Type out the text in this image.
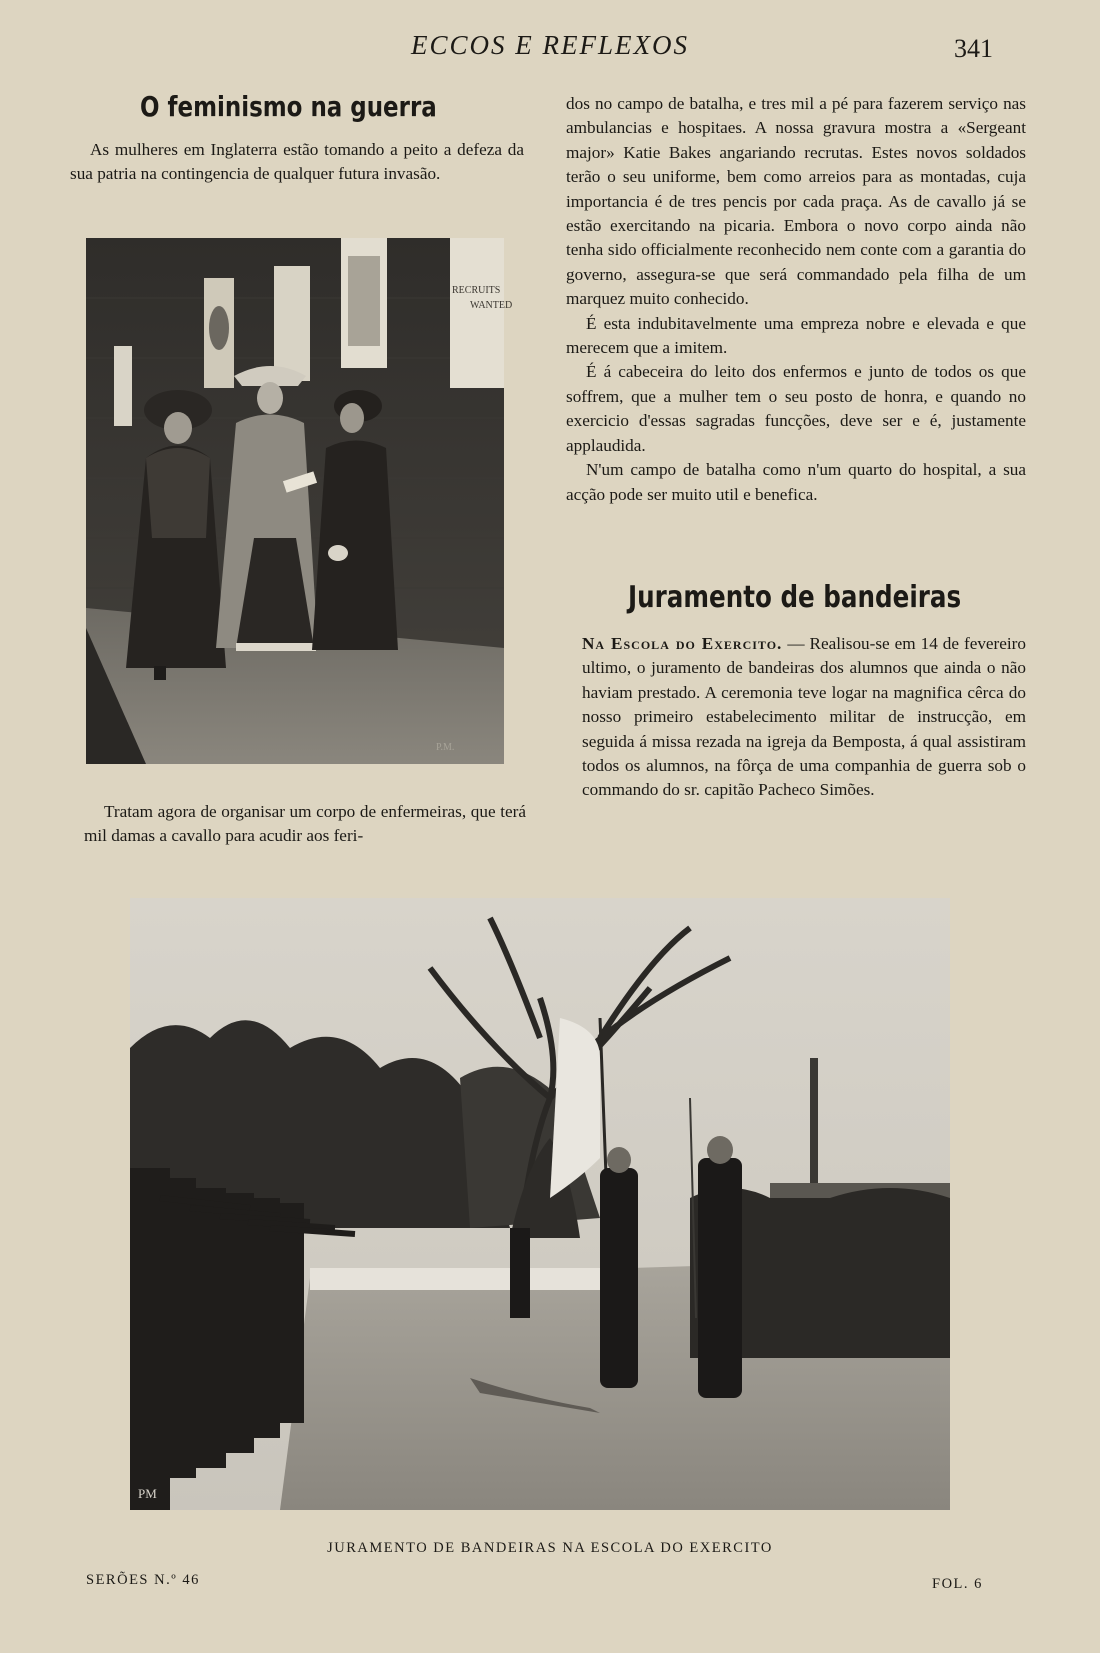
ECCOS E REFLEXOS	341
O feminismo na guerra

As mulheres em Inglaterra estão tomando a peito a defeza da sua patria na contingencia de qualquer futura invasão.

RECRUITS
WANTED
P.M.

Tratam agora de organisar um corpo de enfermeiras, que terá mil damas a cavallo para acudir aos feri-

dos no campo de batalha, e tres mil a pé para fazerem serviço nas ambulancias e hospitaes. A nossa gravura mostra a «Sergeant major» Katie Bakes angariando recrutas. Estes novos soldados terão o seu uniforme, bem como arreios para as montadas, cuja importancia é de tres pencis por cada praça. As de cavallo já se estão exercitando na picaria. Embora o novo corpo ainda não tenha sido officialmente reconhecido nem conte com a garantia do governo, assegura-se que será commandado pela filha de um marquez muito conhecido.

É esta indubitavelmente uma empreza nobre e elevada e que merecem que a imitem.

É á cabeceira do leito dos enfermos e junto de todos os que soffrem, que a mulher tem o seu posto de honra, e quando no exercicio d'essas sagradas funcções, deve ser e é, justamente applaudida.

N'um campo de batalha como n'um quarto do hospital, a sua acção pode ser muito util e benefica.

Juramento de bandeiras

Na Escola do Exercito. — Realisou-se em 14 de fevereiro ultimo, o juramento de bandeiras dos alumnos que ainda o não haviam prestado. A ceremonia teve logar na magnifica cêrca do nosso primeiro estabelecimento militar de instrucção, em seguida á missa rezada na igreja da Bemposta, á qual assistiram todos os alumnos, na fôrça de uma companhia de guerra sob o commando do sr. capitão Pacheco Simões.

PM
JURAMENTO DE BANDEIRAS NA ESCOLA DO EXERCITO
SERÕES N.º 46	FOL. 6
